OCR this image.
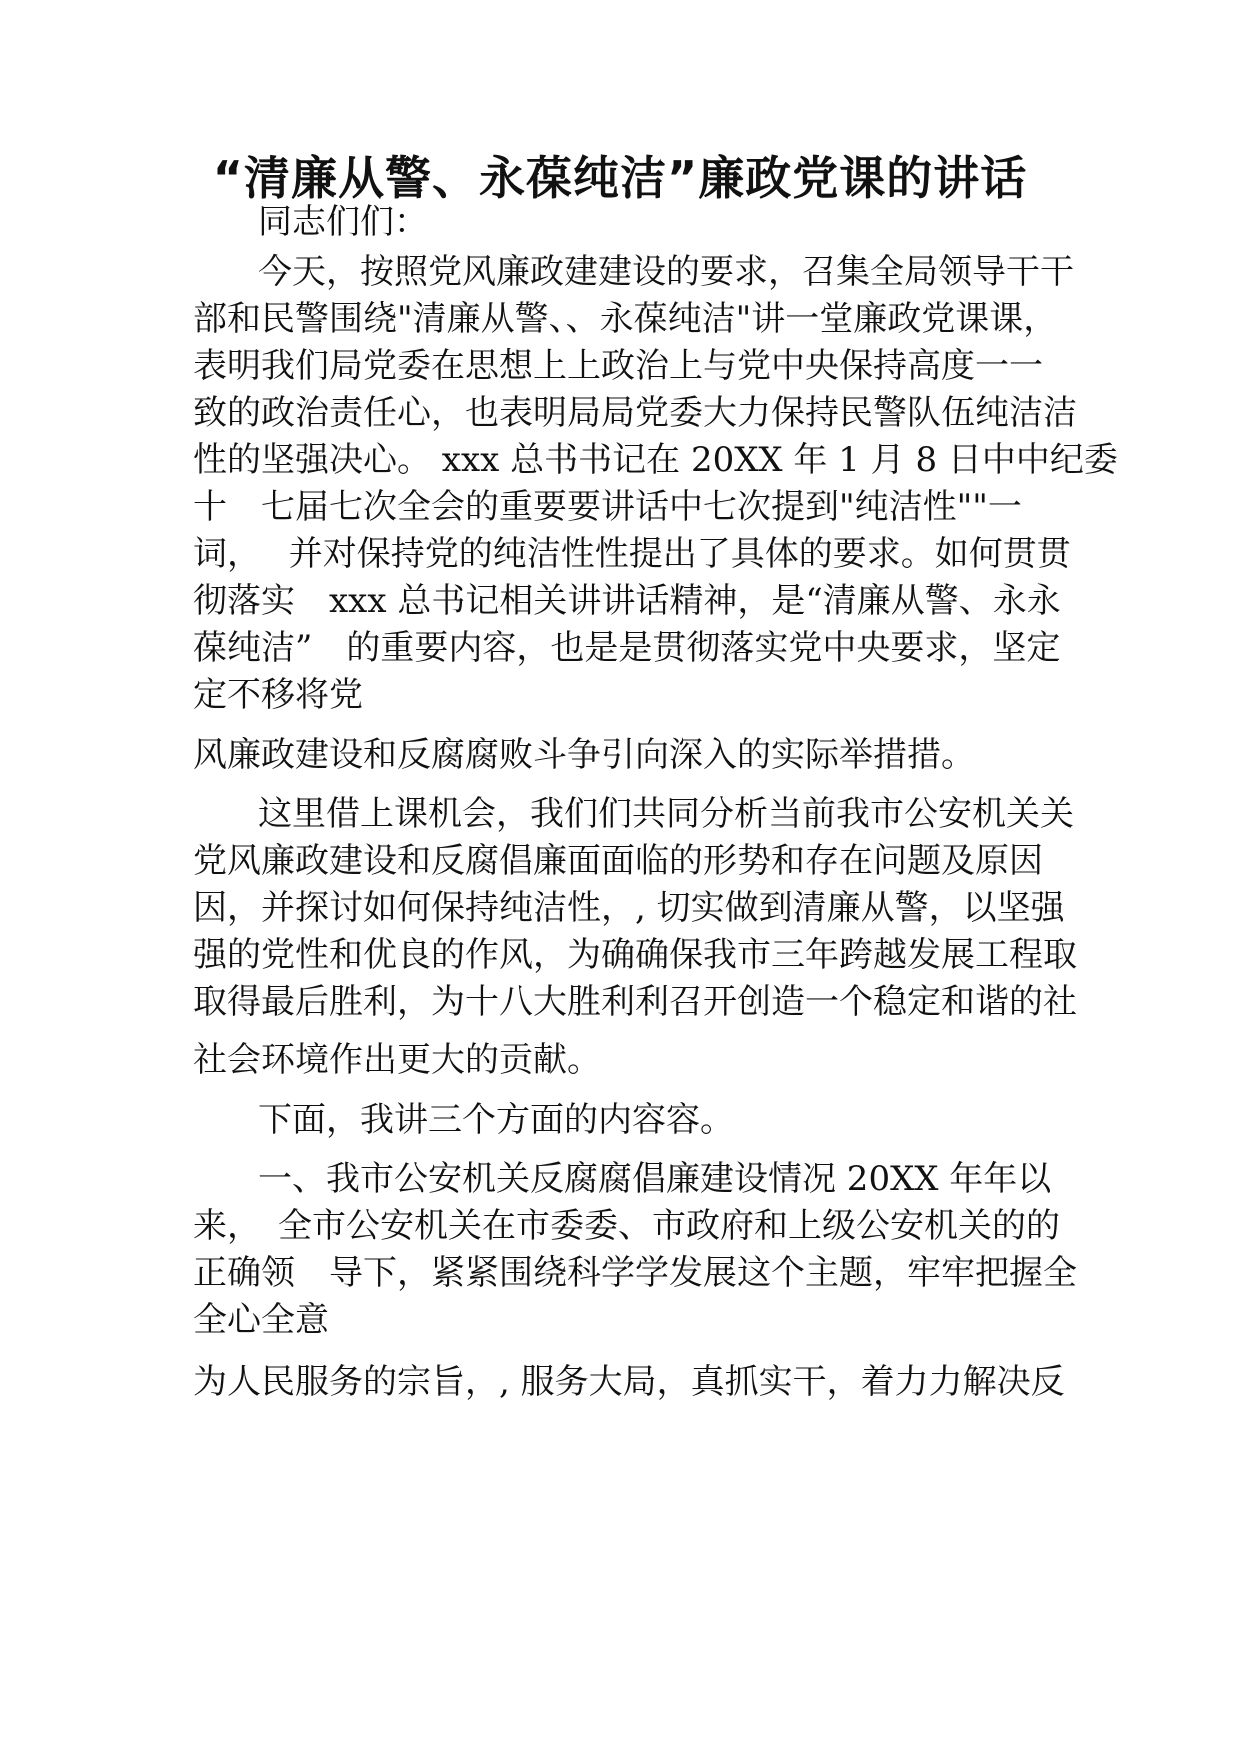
“清廉从警、永葆纯洁”廉政党课的讲话

同志们们：

今天，按照党风廉政建建设的要求，召集全局领导干干

部和民警围绕"清廉从警、、永葆纯洁"讲一堂廉政党课课，

表明我们局党委在思想上上政治上与党中央保持高度一一

致的政治责任心，也表明局局党委大力保持民警队伍纯洁洁

性的坚强决心。 xxx 总书书记在 20XX 年 1 月 8 日中中纪委

十　七届七次全会的重要要讲话中七次提到"纯洁性""一

词，　 并对保持党的纯洁性性提出了具体的要求。如何贯贯

彻落实　xxx 总书记相关讲讲话精神，是“清廉从警、永永

葆纯洁”　的重要内容，也是是贯彻落实党中央要求，坚定

定不移将党

风廉政建设和反腐腐败斗争引向深入的实际举措措。

这里借上课机会，我们们共同分析当前我市公安机关关

党风廉政建设和反腐倡廉面面临的形势和存在问题及原因

因，并探讨如何保持纯洁性，, 切实做到清廉从警，以坚强

强的党性和优良的作风，为确确保我市三年跨越发展工程取

取得最后胜利，为十八大胜利利召开创造一个稳定和谐的社

社会环境作出更大的贡献。

下面，我讲三个方面的内容容。

一、我市公安机关反腐腐倡廉建设情况 20XX 年年以

来，　全市公安机关在市委委、市政府和上级公安机关的的

正确领　导下，紧紧围绕科学学发展这个主题，牢牢把握全

全心全意

为人民服务的宗旨，, 服务大局，真抓实干，着力力解决反
